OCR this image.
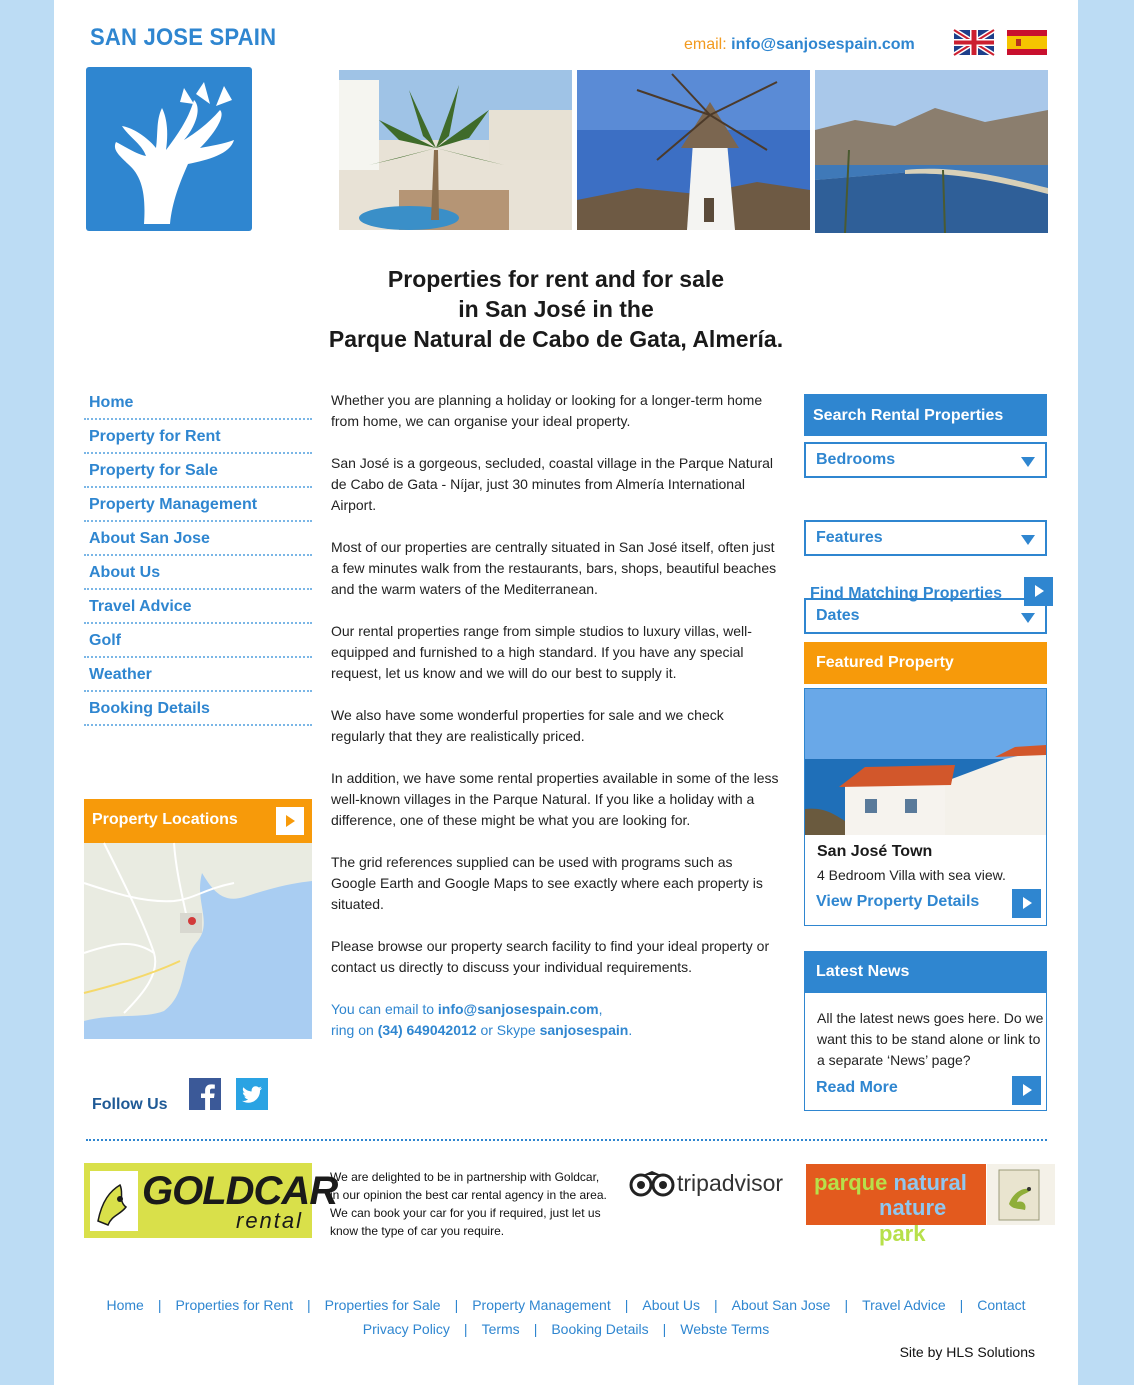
SAN JOSE SPAIN	email: info@sanjosespain.com
Properties for rent and for sale
in San José in the
Parque Natural de Cabo de Gata, Almería.
Home
Property for Rent
Property for Sale
Property Management
About San Jose
About Us
Travel Advice
Golf
Weather
Booking Details
Property Locations
Follow Us

Whether you are planning a holiday or looking for a longer-term home from home, we can organise your ideal property.

San José is a gorgeous, secluded, coastal village in the Parque Natural de Cabo de Gata - Níjar, just 30 minutes from Almería International Airport.

Most of our properties are centrally situated in San José itself, often just a few minutes walk from the restaurants, bars, shops, beautiful beaches and the warm waters of the Mediterranean.

Our rental properties range from simple studios to luxury villas, well-equipped and furnished to a high standard. If you have any special request, let us know and we will do our best to supply it.

We also have some wonderful properties for sale and we check regularly that they are realistically priced.

In addition, we have some rental properties available in some of the less well-known villages in the Parque Natural. If you like a holiday with a difference, one of these might be what you are looking for.

The grid references supplied can be used with programs such as Google Earth and Google Maps to see exactly where each property is situated.

Please browse our property search facility to find your ideal property or contact us directly to discuss your individual requirements.

You can email to info@sanjosespain.com,
ring on (34) 649042012 or Skype sanjosespain.
Search Rental Properties
Bedrooms
Features
Dates
Find Matching Properties
Featured Property
San José Town
4 Bedroom Villa with sea view.
View Property Details
Latest News
All the latest news goes here. Do we want this to be stand alone or link to a separate ‘News’ page?
Read More
GOLDCAR
rental
We are delighted to be in partnership with Goldcar, in our opinion the best car rental agency in the area. We can book your car for you if required, just let us know the type of car you require.
tripadvisor parque natural
nature park
Home | Properties for Rent | Properties for Sale | Property Management | About Us | About San Jose | Travel Advice | Contact
Privacy Policy | Terms | Booking Details | Webste Terms
Site by HLS Solutions
